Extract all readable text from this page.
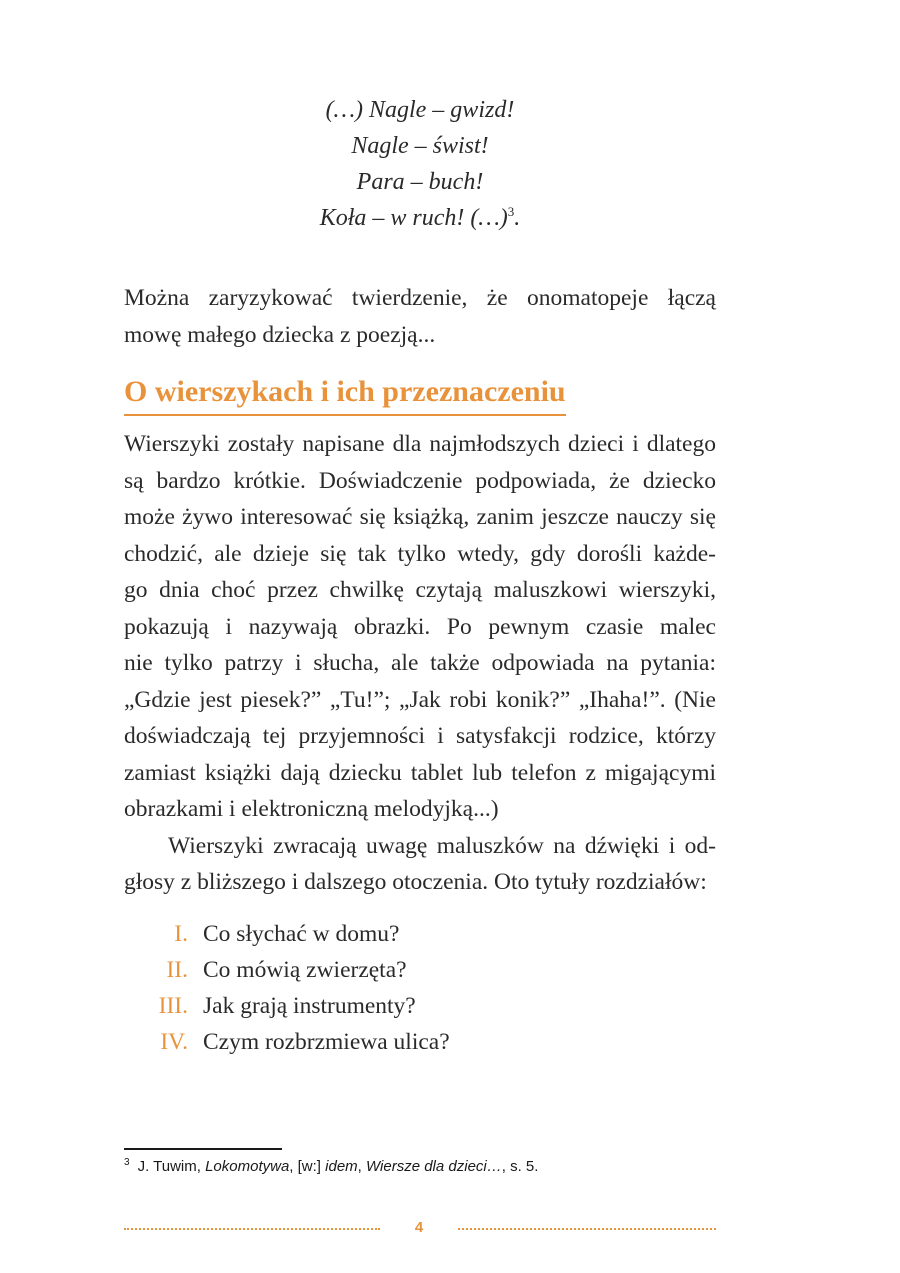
(…) Nagle – gwizd!
Nagle – świst!
Para – buch!
Koła – w ruch! (…)$^3$.
Można zaryzykować twierdzenie, że onomatopeje łączą
mowę małego dziecka z poezją...
O wierszykach i ich przeznaczeniu
Wierszyki zostały napisane dla najmłodszych dzieci i dlatego
są bardzo krótkie. Doświadczenie podpowiada, że dziecko
może żywo interesować się książką, zanim jeszcze nauczy się
chodzić, ale dzieje się tak tylko wtedy, gdy dorośli każde-
go dnia choć przez chwilkę czytają maluszkowi wierszyki,
pokazują i nazywają obrazki. Po pewnym czasie malec
nie tylko patrzy i słucha, ale także odpowiada na pytania:
„Gdzie jest piesek?” „Tu!”; „Jak robi konik?” „Ihaha!”. (Nie
doświadczają tej przyjemności i satysfakcji rodzice, którzy
zamiast książki dają dziecku tablet lub telefon z migającymi
obrazkami i elektroniczną melodyjką...)
Wierszyki zwracają uwagę maluszków na dźwięki i od-
głosy z bliższego i dalszego otoczenia. Oto tytuły rozdziałów:
I. Co słychać w domu?
II. Co mówią zwierzęta?
III. Jak grają instrumenty?
IV. Czym rozbrzmiewa ulica?
$^3$ J. Tuwim, Lokomotywa, [w:] idem, Wiersze dla dzieci…, s. 5.
4
